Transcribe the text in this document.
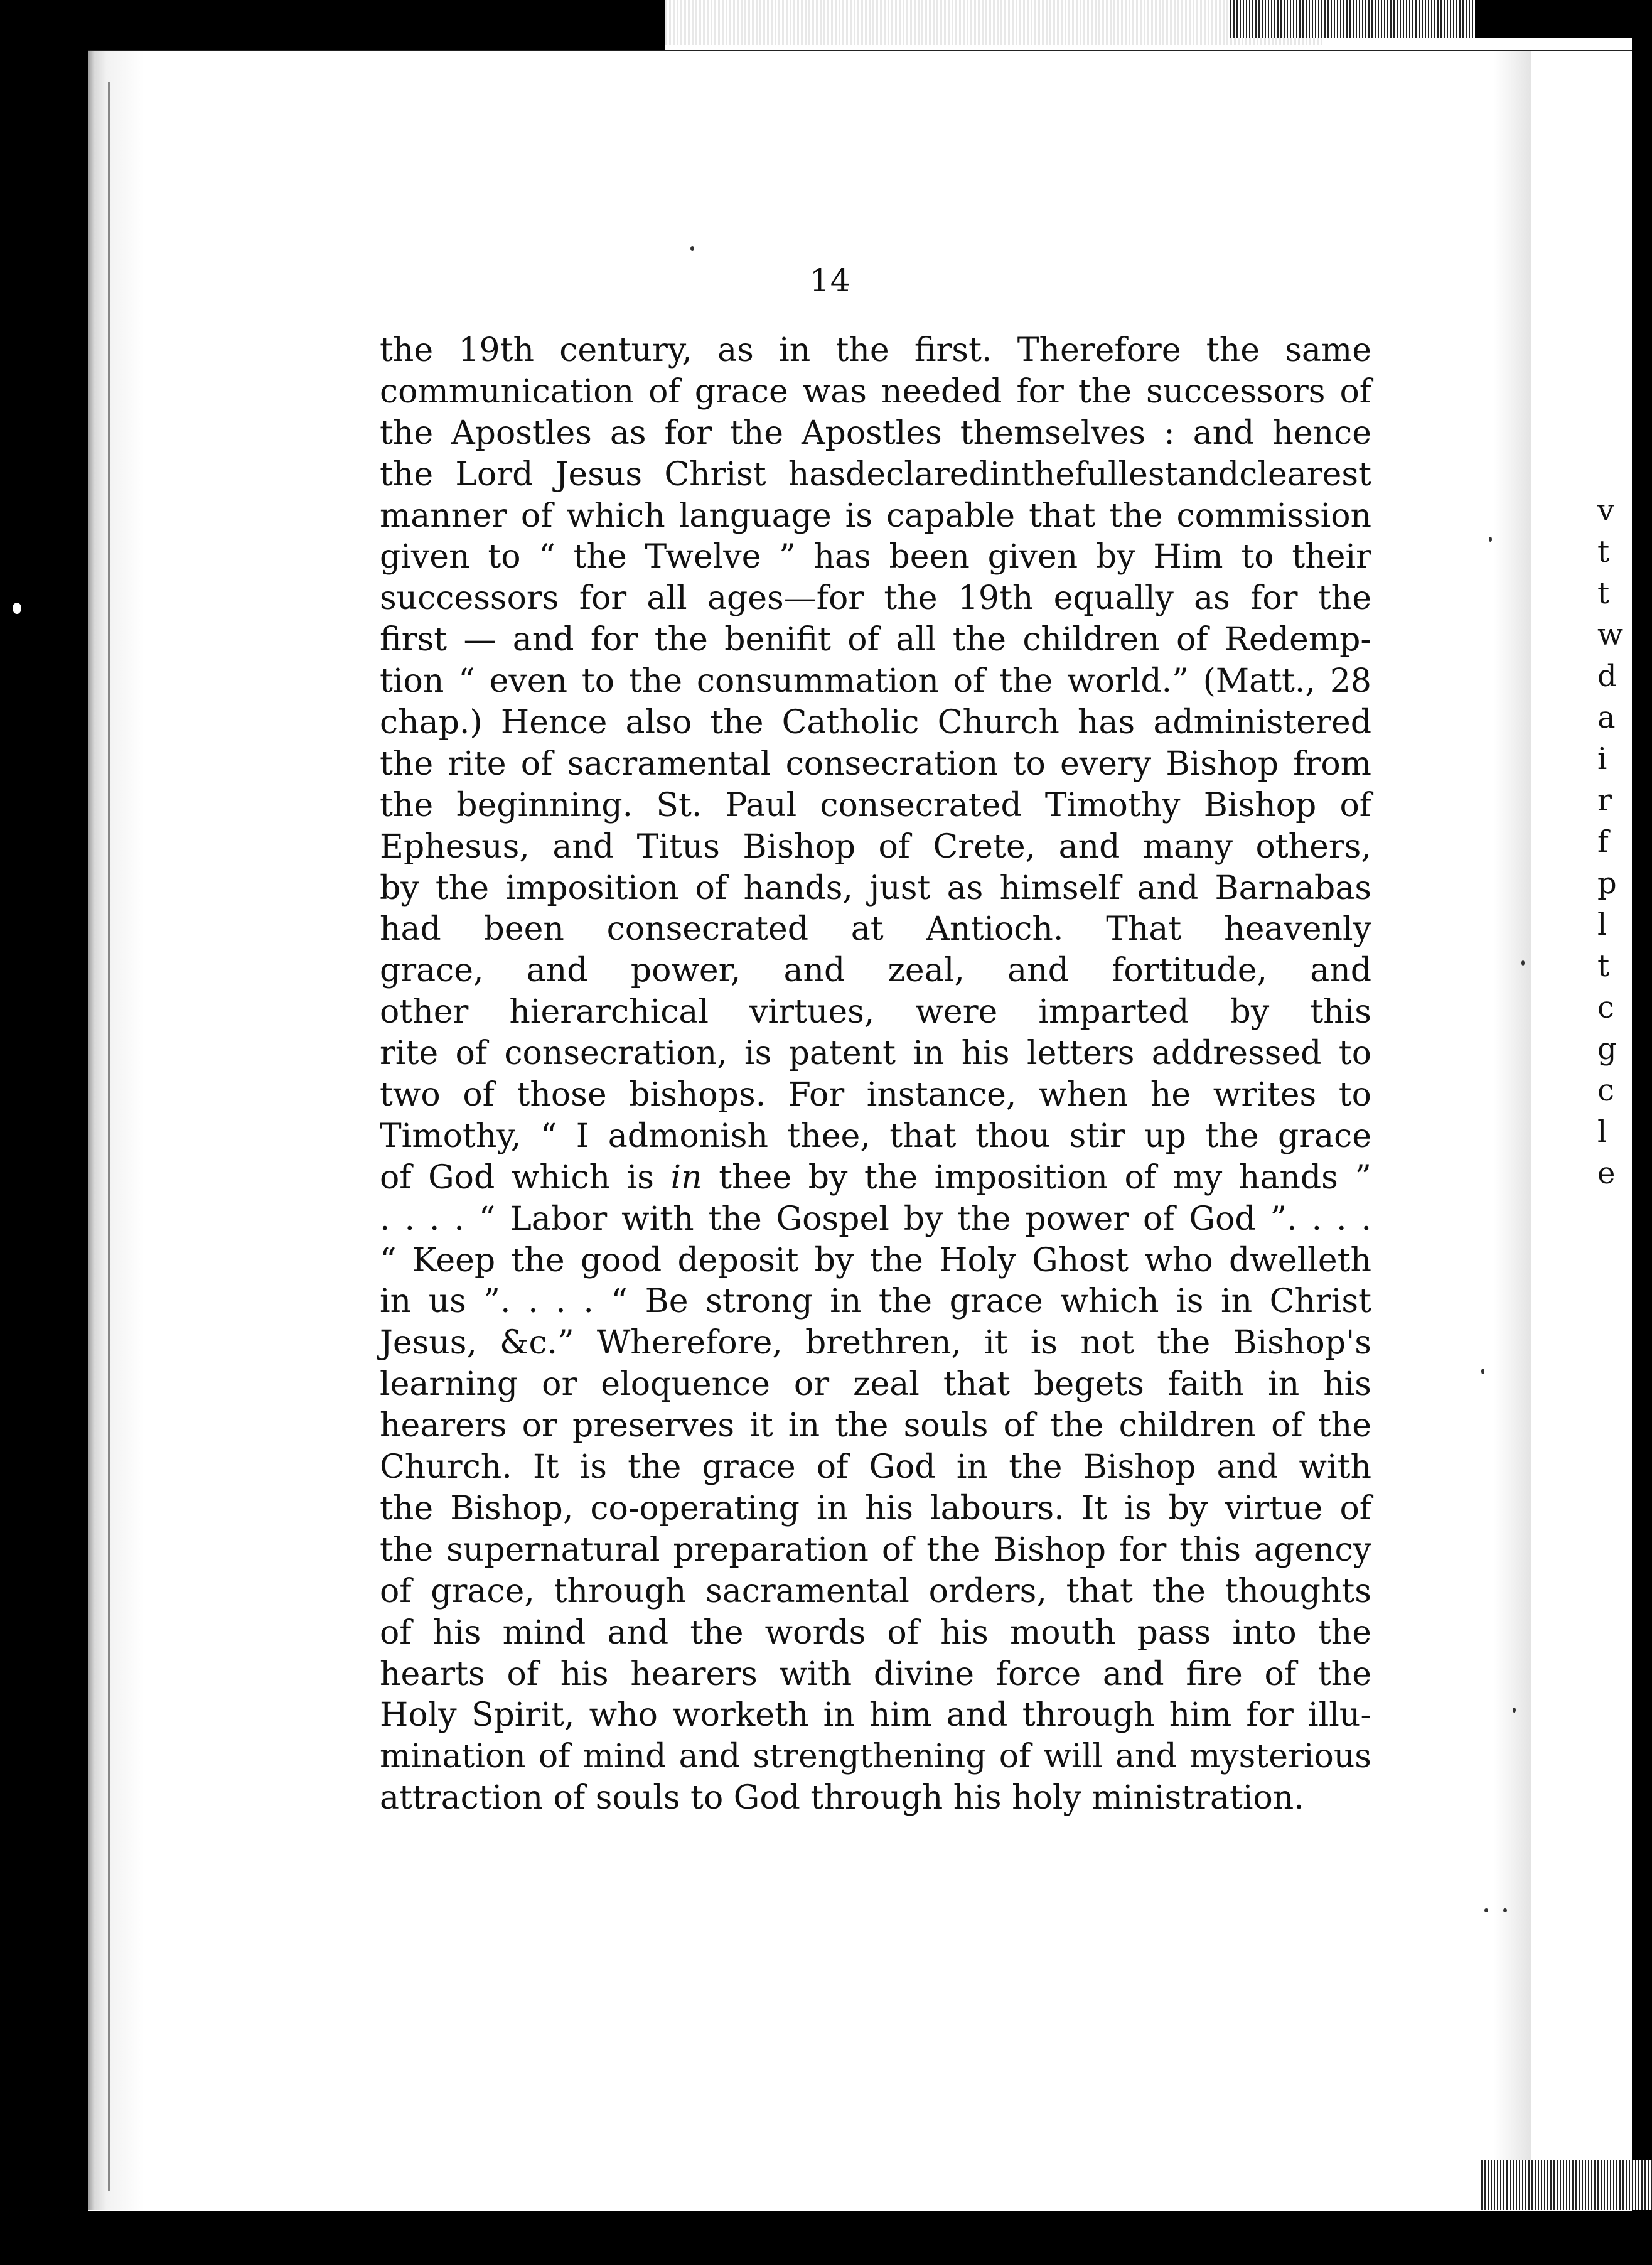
14
the 19th century, as in the first. Therefore the same
communication of grace was needed for the successors of
the Apostles as for the Apostles themselves : and hence
the Lord Jesus Christ hasdeclaredinthefullestandclearest
manner of which language is capable that the commission
given to “ the Twelve ” has been given by Him to their
successors for all ages—for the 19th equally as for the
first — and for the benifit of all the children of Redemp-
tion “ even to the consummation of the world.” (Matt., 28
chap.) Hence also the Catholic Church has administered
the rite of sacramental consecration to every Bishop from
the beginning. St. Paul consecrated Timothy Bishop of
Ephesus, and Titus Bishop of Crete, and many others,
by the imposition of hands, just as himself and Barnabas
had been consecrated at Antioch. That heavenly
grace, and power, and zeal, and fortitude, and
other hierarchical virtues, were imparted by this
rite of consecration, is patent in his letters addressed to
two of those bishops. For instance, when he writes to
Timothy, “ I admonish thee, that thou stir up the grace
of God which is in thee by the imposition of my hands ”
. . . . “ Labor with the Gospel by the power of God ”. . . .
“ Keep the good deposit by the Holy Ghost who dwelleth
in us ”. . . . “ Be strong in the grace which is in Christ
Jesus, &c.” Wherefore, brethren, it is not the Bishop's
learning or eloquence or zeal that begets faith in his
hearers or preserves it in the souls of the children of the
Church. It is the grace of God in the Bishop and with
the Bishop, co-operating in his labours. It is by virtue of
the supernatural preparation of the Bishop for this agency
of grace, through sacramental orders, that the thoughts
of his mind and the words of his mouth pass into the
hearts of his hearers with divine force and fire of the
Holy Spirit, who worketh in him and through him for illu-
mination of mind and strengthening of will and mysterious
attraction of souls to God through his holy ministration.
v
t
t
w
d
a
i
r
f
p
l
t
c
g
c
l
e
